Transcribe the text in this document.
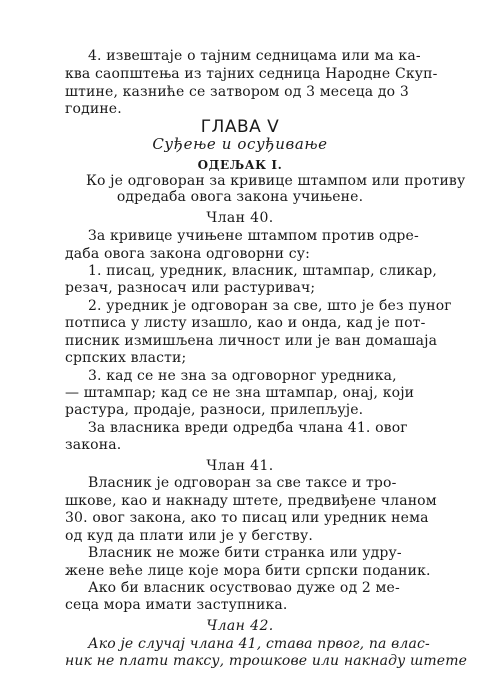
4. извештаје о тајним седницама или ма ка-
ква саопштења из тајних седница Народне Скуп-
штине, казниће се затвором од 3 месеца до 3
године.
ГЛАВА V
Суђење и осуђивање
ОДЕЉАК I.
Ко је одговоран за кривице штампом или противу
одредаба овога закона учињене.
Члан 40.
За кривице учињене штампом против одре-
даба овога закона одговорни су:
1. писац, уредник, власник, штампар, сликар,
резач, разносач или растуривач;
2. уредник је одговоран за све, што је без пуног
потписа у листу изашло, као и онда, кад је пот-
писник измишљена личност или је ван домашаја
српских власти;
3. кад се не зна за одговорног уредника,
— штампар; кад се не зна штампар, онај, који
растура, продаје, разноси, прилепљује.
За власника вреди одредба члана 41. овог
закона.
Члан 41.
Власник је одговоран за све таксе и тро-
шкове, као и накнаду штете, предвиђене чланом
30. овог закона, ако то писац или уредник нема
од куд да плати или је у бегству.
Власник не може бити странка или удру-
жене веће лице које мора бити српски поданик.
Ако би власник осуствовао дуже од 2 ме-
сеца мора имати заступника.
Члан 42.
Ако је случај члана 41, става првог, па влас-
ник не плати таксу, трошкове или накнаду штете
